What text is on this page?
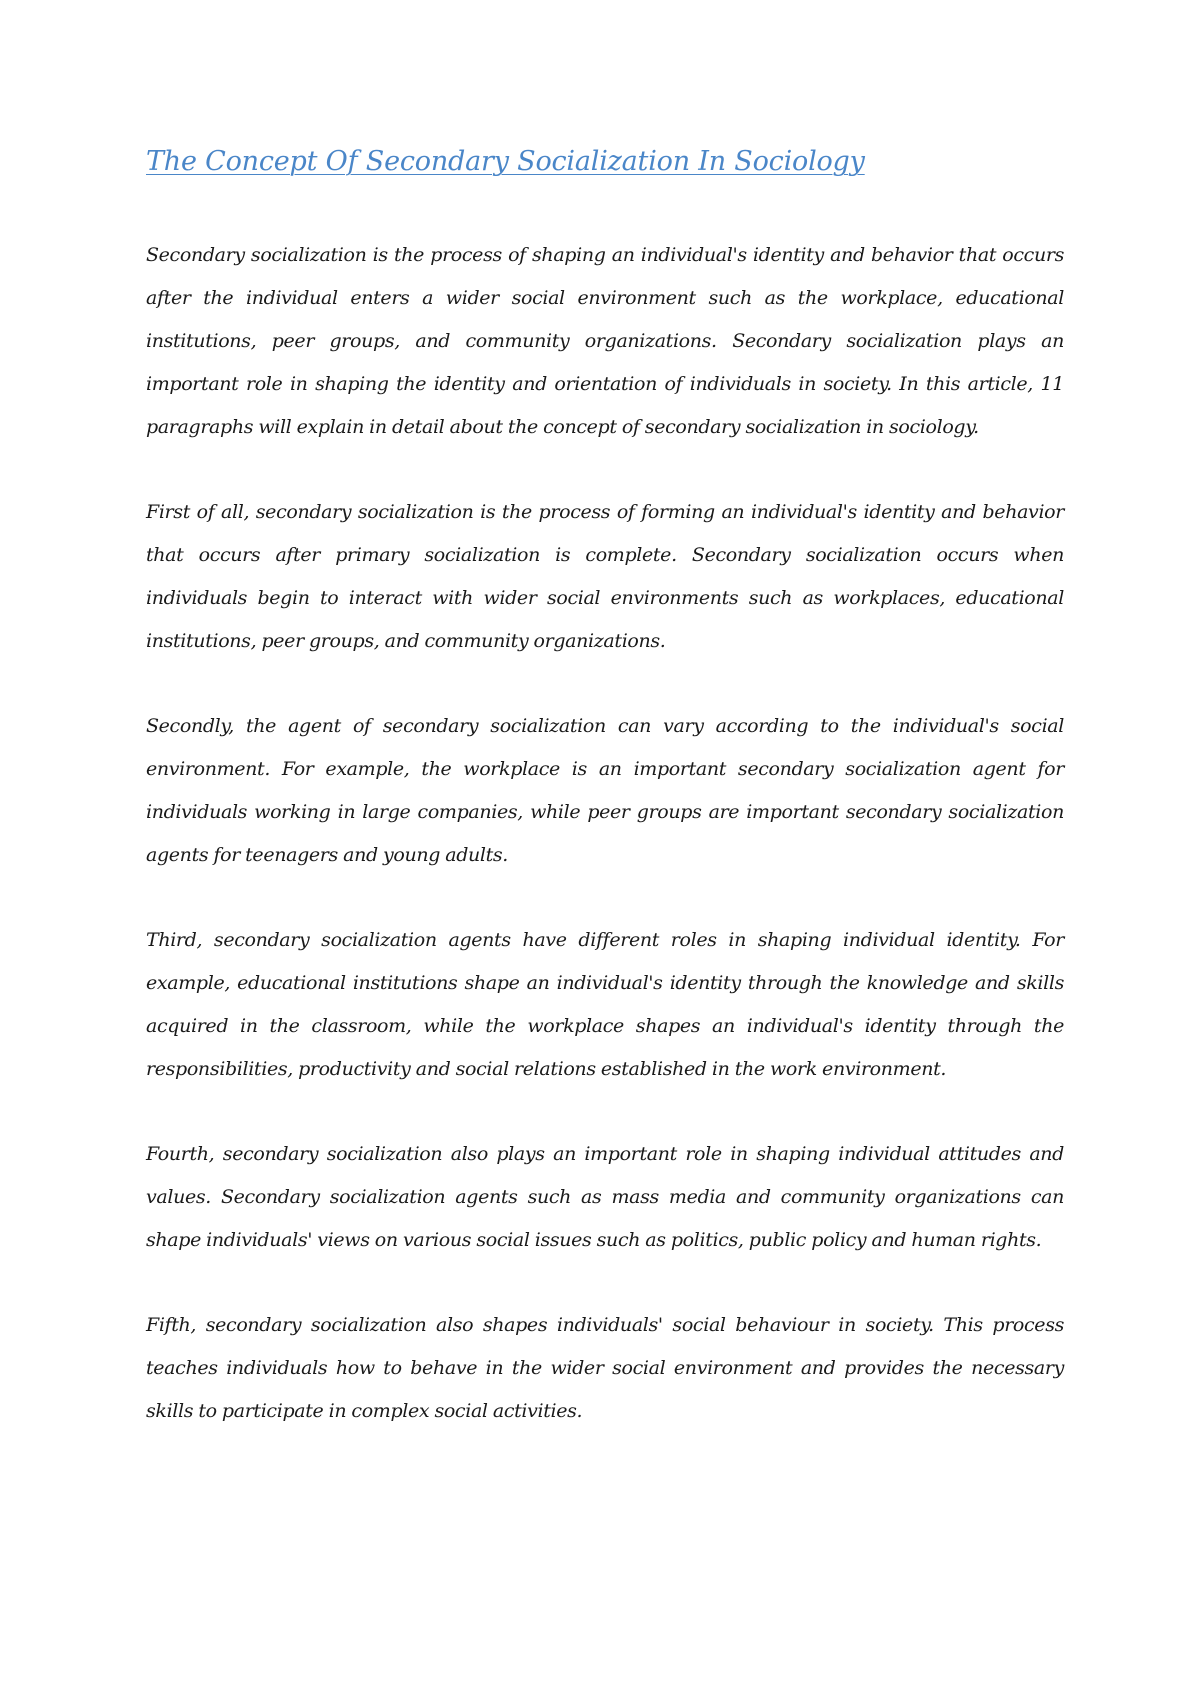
The Concept Of Secondary Socialization In Sociology

Secondary socialization is the process of shaping an individual's identity and behavior that occurs after the individual enters a wider social environment such as the workplace, educational institutions, peer groups, and community organizations. Secondary socialization plays an important role in shaping the identity and orientation of individuals in society. In this article, 11 paragraphs will explain in detail about the concept of secondary socialization in sociology.

First of all, secondary socialization is the process of forming an individual's identity and behavior that occurs after primary socialization is complete. Secondary socialization occurs when individuals begin to interact with wider social environments such as workplaces, educational institutions, peer groups, and community organizations.

Secondly, the agent of secondary socialization can vary according to the individual's social environment. For example, the workplace is an important secondary socialization agent for individuals working in large companies, while peer groups are important secondary socialization agents for teenagers and young adults.

Third, secondary socialization agents have different roles in shaping individual identity. For example, educational institutions shape an individual's identity through the knowledge and skills acquired in the classroom, while the workplace shapes an individual's identity through the responsibilities, productivity and social relations established in the work environment.

Fourth, secondary socialization also plays an important role in shaping individual attitudes and values. Secondary socialization agents such as mass media and community organizations can shape individuals' views on various social issues such as politics, public policy and human rights.

Fifth, secondary socialization also shapes individuals' social behaviour in society. This process teaches individuals how to behave in the wider social environment and provides the necessary skills to participate in complex social activities.
